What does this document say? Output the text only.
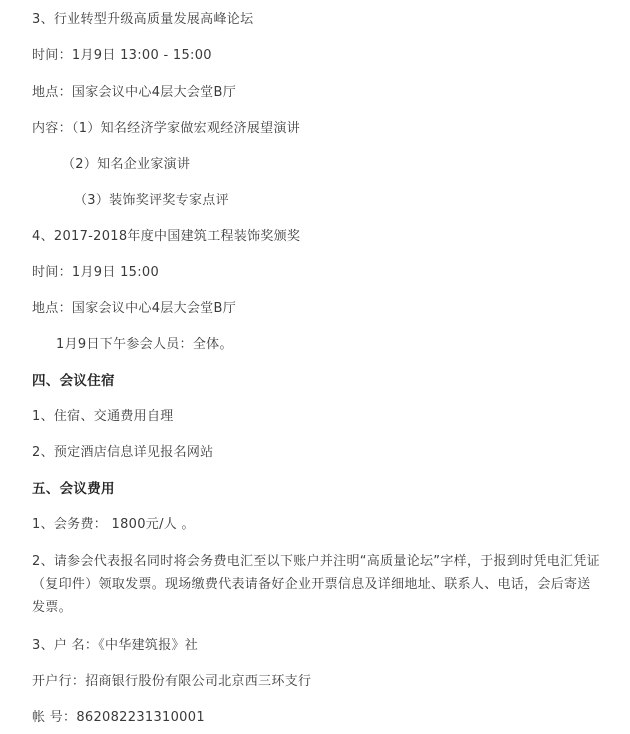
3、行业转型升级高质量发展高峰论坛
时间：1月9日 13:00 - 15:00
地点：国家会议中心4层大会堂B厅
内容：（1）知名经济学家做宏观经济展望演讲
（2）知名企业家演讲
（3）装饰奖评奖专家点评
4、2017-2018年度中国建筑工程装饰奖颁奖
时间：1月9日 15:00
地点：国家会议中心4层大会堂B厅
1月9日下午参会人员：全体。
四、会议住宿
1、住宿、交通费用自理
2、预定酒店信息详见报名网站
五、会议费用
1、会务费： 1800元/人 。
2、请参会代表报名同时将会务费电汇至以下账户并注明“高质量论坛”字样，于报到时凭电汇凭证（复印件）领取发票。现场缴费代表请备好企业开票信息及详细地址、联系人、电话，会后寄送发票。
3、户 名：《中华建筑报》社
开户行：招商银行股份有限公司北京西三环支行
帐 号：862082231310001
